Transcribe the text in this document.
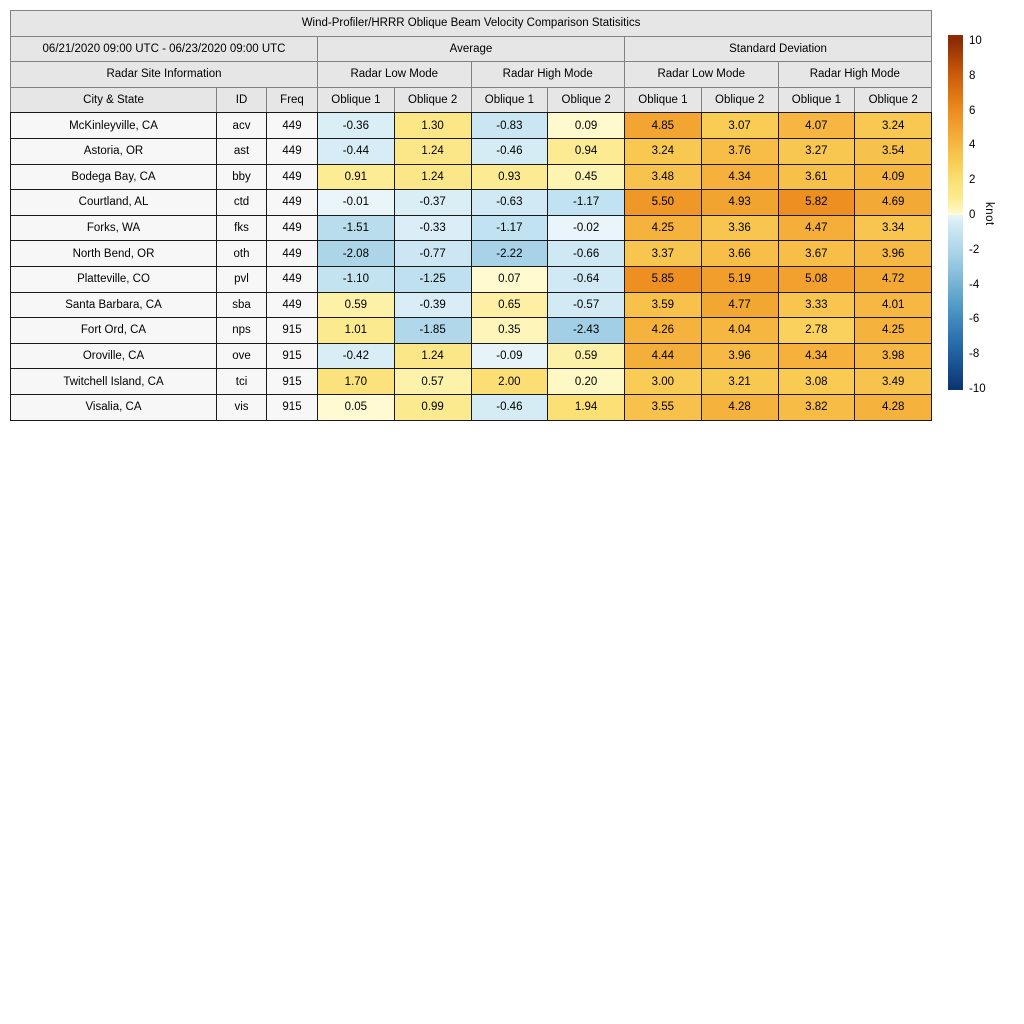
Wind-Profiler/HRRR Oblique Beam Velocity Comparison Statisitics										
06/21/2020 09:00 UTC - 06/23/2020 09:00 UTC			Average				Standard Deviation			
Radar Site Information			Radar Low Mode		Radar High Mode		Radar Low Mode		Radar High Mode	
City & State	ID	Freq	Oblique 1	Oblique 2	Oblique 1	Oblique 2	Oblique 1	Oblique 2	Oblique 1	Oblique 2
McKinleyville, CA	acv	449	-0.36	1.30	-0.83	0.09	4.85	3.07	4.07	3.24
Astoria, OR	ast	449	-0.44	1.24	-0.46	0.94	3.24	3.76	3.27	3.54
Bodega Bay, CA	bby	449	0.91	1.24	0.93	0.45	3.48	4.34	3.61	4.09
Courtland, AL	ctd	449	-0.01	-0.37	-0.63	-1.17	5.50	4.93	5.82	4.69
Forks, WA	fks	449	-1.51	-0.33	-1.17	-0.02	4.25	3.36	4.47	3.34
North Bend, OR	oth	449	-2.08	-0.77	-2.22	-0.66	3.37	3.66	3.67	3.96
Platteville, CO	pvl	449	-1.10	-1.25	0.07	-0.64	5.85	5.19	5.08	4.72
Santa Barbara, CA	sba	449	0.59	-0.39	0.65	-0.57	3.59	4.77	3.33	4.01
Fort Ord, CA	nps	915	1.01	-1.85	0.35	-2.43	4.26	4.04	2.78	4.25
Oroville, CA	ove	915	-0.42	1.24	-0.09	0.59	4.44	3.96	4.34	3.98
Twitchell Island, CA	tci	915	1.70	0.57	2.00	0.20	3.00	3.21	3.08	3.49
Visalia, CA	vis	915	0.05	0.99	-0.46	1.94	3.55	4.28	3.82	4.28
10
8
6
4
2
0
-2
-4
-6
-8
-10
knot
